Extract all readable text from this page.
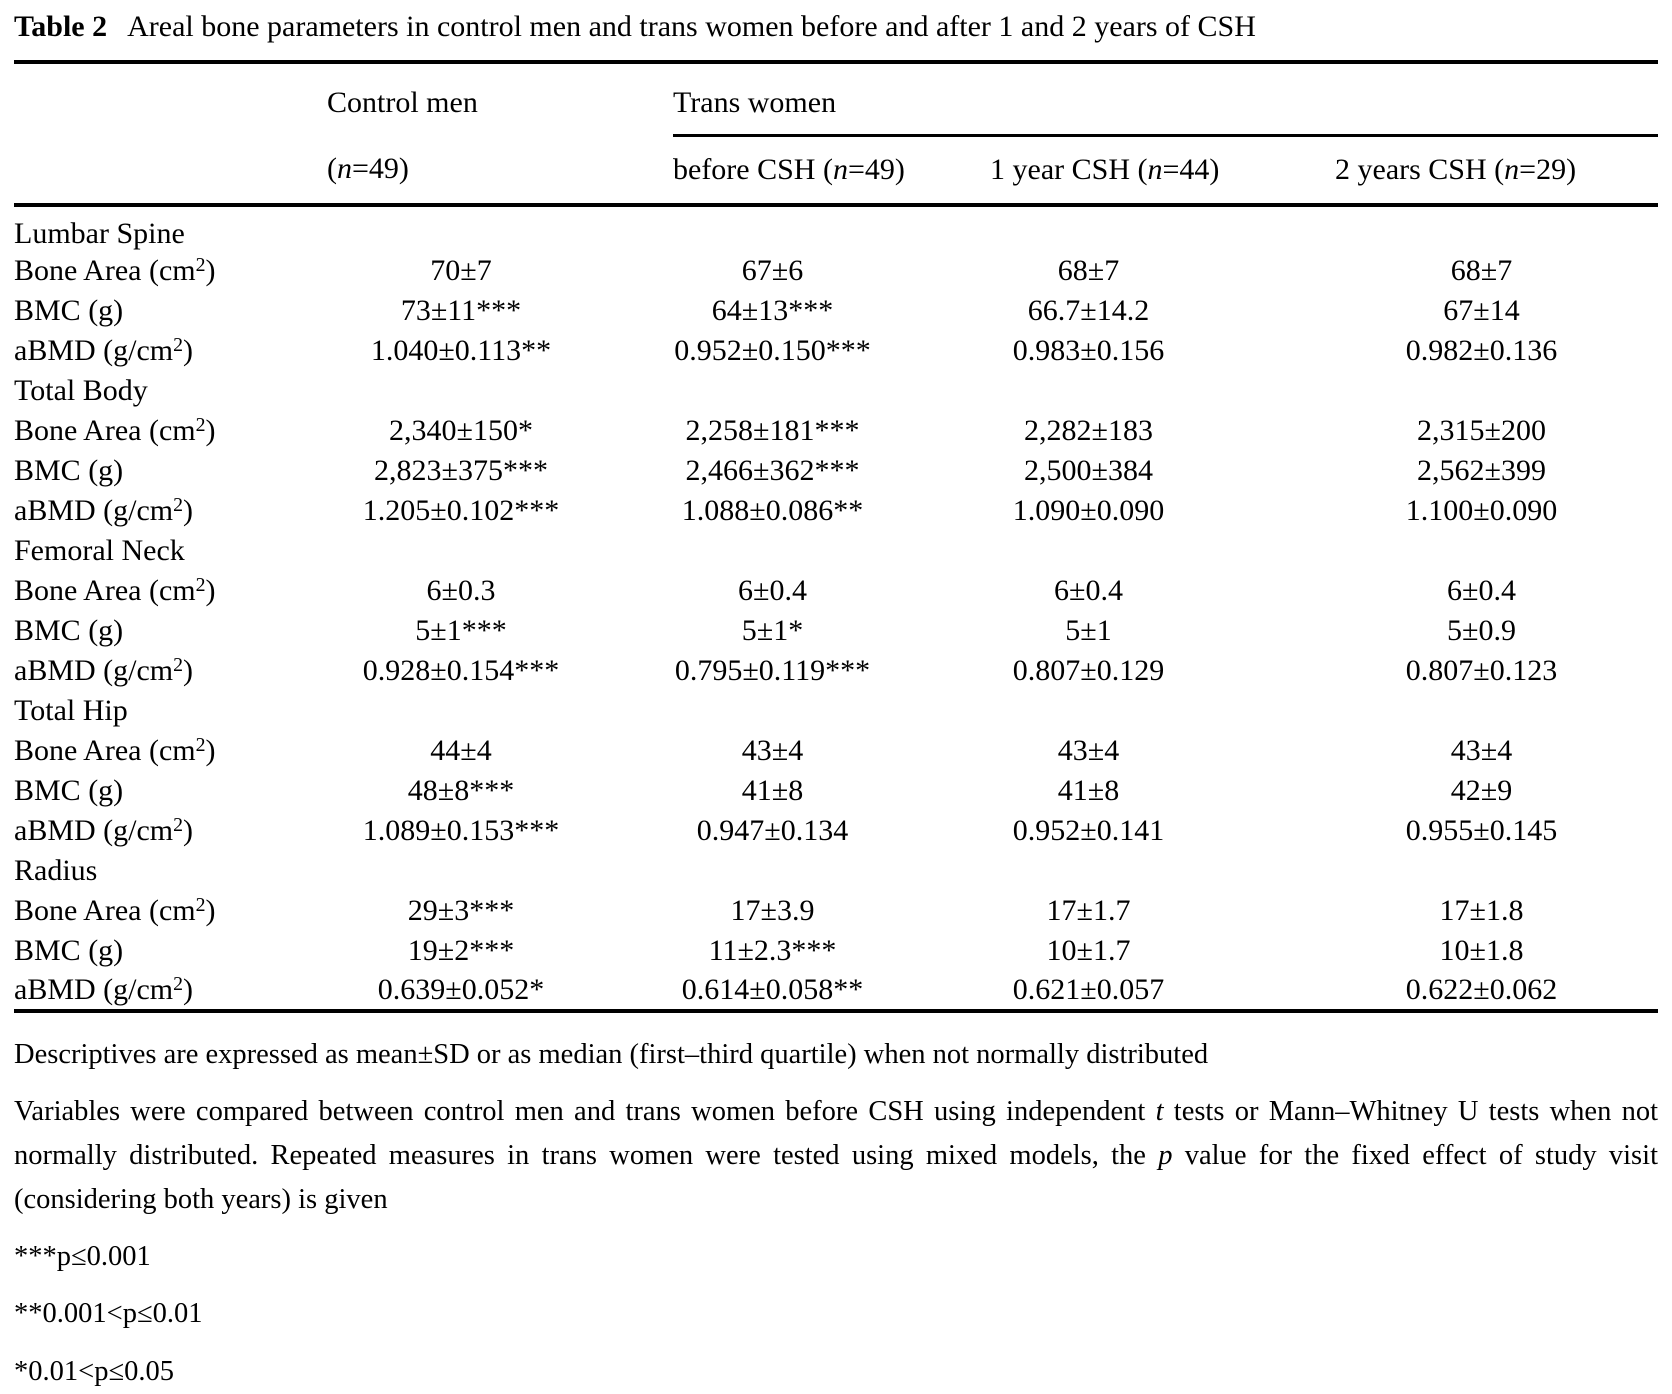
Table 2 Areal bone parameters in control men and trans women before and after 1 and 2 years of CSH
	Control men	Trans women		
	(n=49)	before CSH (n=49)	1 year CSH (n=44)	2 years CSH (n=29)
Lumbar Spine				
Bone Area $(cm^2)$	70±7	67±6	68±7	68±7
BMC (g)	73±11***	64±13***	66.7±14.2	67±14
aBMD $(g/cm^2)$	1.040±0.113**	0.952±0.150***	0.983±0.156	0.982±0.136
Total Body				
Bone Area $(cm^2)$	2,340±150*	2,258±181***	2,282±183	2,315±200
BMC (g)	2,823±375***	2,466±362***	2,500±384	2,562±399
aBMD $(g/cm^2)$	1.205±0.102***	1.088±0.086**	1.090±0.090	1.100±0.090
Femoral Neck				
Bone Area $(cm^2)$	6±0.3	6±0.4	6±0.4	6±0.4
BMC (g)	5±1***	5±1*	5±1	5±0.9
aBMD $(g/cm^2)$	0.928±0.154***	0.795±0.119***	0.807±0.129	0.807±0.123
Total Hip				
Bone Area $(cm^2)$	44±4	43±4	43±4	43±4
BMC (g)	48±8***	41±8	41±8	42±9
aBMD $(g/cm^2)$	1.089±0.153***	0.947±0.134	0.952±0.141	0.955±0.145
Radius				
Bone Area $(cm^2)$	29±3***	17±3.9	17±1.7	17±1.8
BMC (g)	19±2***	11±2.3***	10±1.7	10±1.8
aBMD $(g/cm^2)$	0.639±0.052*	0.614±0.058**	0.621±0.057	0.622±0.062
Descriptives are expressed as mean±SD or as median (first–third quartile) when not normally distributed
Variables were compared between control men and trans women before CSH using independent t tests or Mann–Whitney U tests when not normally distributed. Repeated measures in trans women were tested using mixed models, the p value for the fixed effect of study visit (considering both years) is given
***p≤0.001
**0.001<p≤0.01
*0.01<p≤0.05
